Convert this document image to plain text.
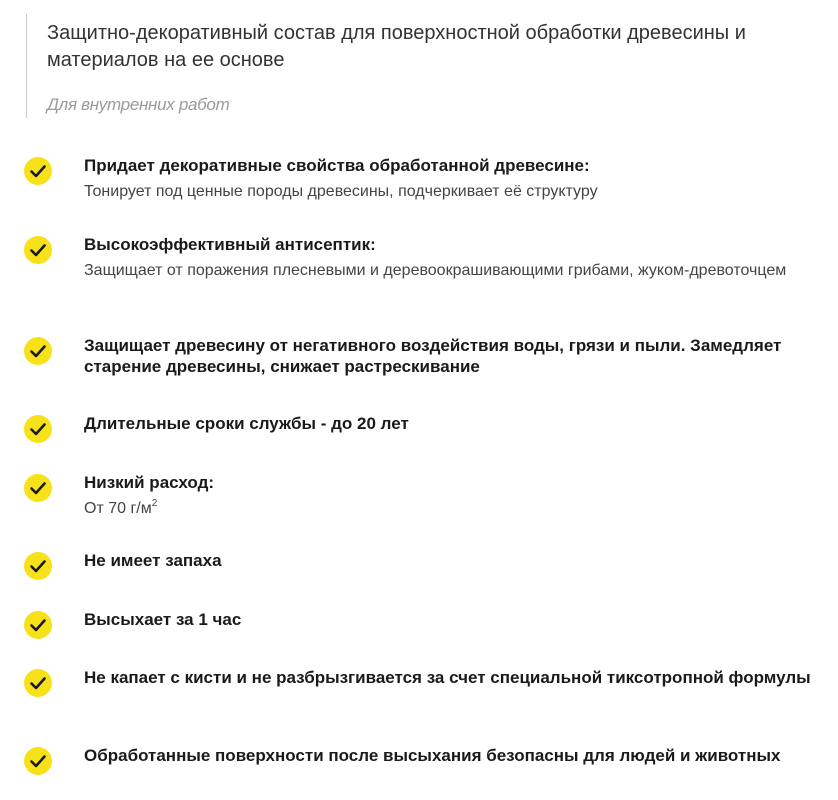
Защитно-декоративный состав для поверхностной обработки древесины и материалов на ее основе
Для внутренних работ
Придает декоративные свойства обработанной древесине:
Тонирует под ценные породы древесины, подчеркивает её структуру
Высокоэффективный антисептик:
Защищает от поражения плесневыми и деревоокрашивающими грибами, жуком-древоточцем
Защищает древесину от негативного воздействия воды, грязи и пыли. Замедляет старение древесины, снижает растрескивание
Длительные сроки службы - до 20 лет
Низкий расход:
От 70 $г/м^2$
Не имеет запаха
Высыхает за 1 час
Не капает с кисти и не разбрызгивается за счет специальной тиксотропной формулы
Обработанные поверхности после высыхания безопасны для людей и животных
